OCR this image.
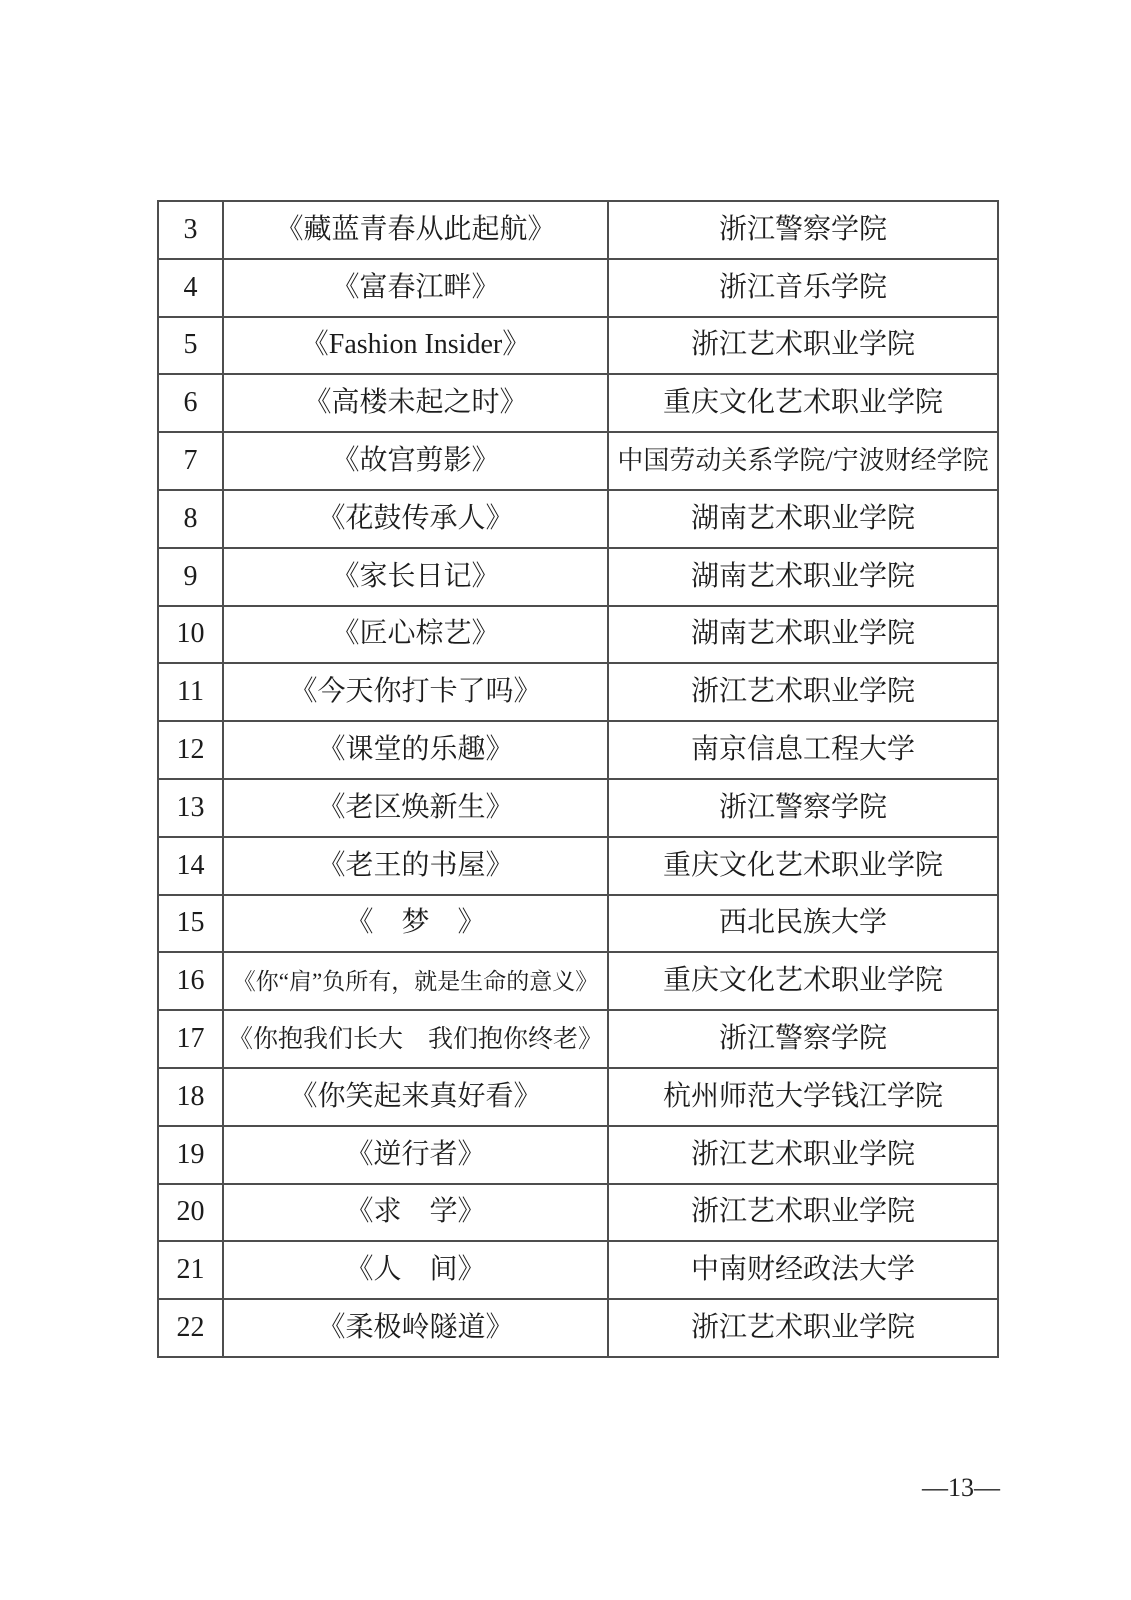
3	《藏蓝青春从此起航》	浙江警察学院
4	《富春江畔》	浙江音乐学院
5	《Fashion Insider》	浙江艺术职业学院
6	《高楼未起之时》	重庆文化艺术职业学院
7	《故宫剪影》	中国劳动关系学院/宁波财经学院
8	《花鼓传承人》	湖南艺术职业学院
9	《家长日记》	湖南艺术职业学院
10	《匠心棕艺》	湖南艺术职业学院
11	《今天你打卡了吗》	浙江艺术职业学院
12	《课堂的乐趣》	南京信息工程大学
13	《老区焕新生》	浙江警察学院
14	《老王的书屋》	重庆文化艺术职业学院
15	《　梦　》	西北民族大学
16	《你“肩”负所有，就是生命的意义》	重庆文化艺术职业学院
17	《你抱我们长大　我们抱你终老》	浙江警察学院
18	《你笑起来真好看》	杭州师范大学钱江学院
19	《逆行者》	浙江艺术职业学院
20	《求　学》	浙江艺术职业学院
21	《人　间》	中南财经政法大学
22	《柔极岭隧道》	浙江艺术职业学院
—13—
